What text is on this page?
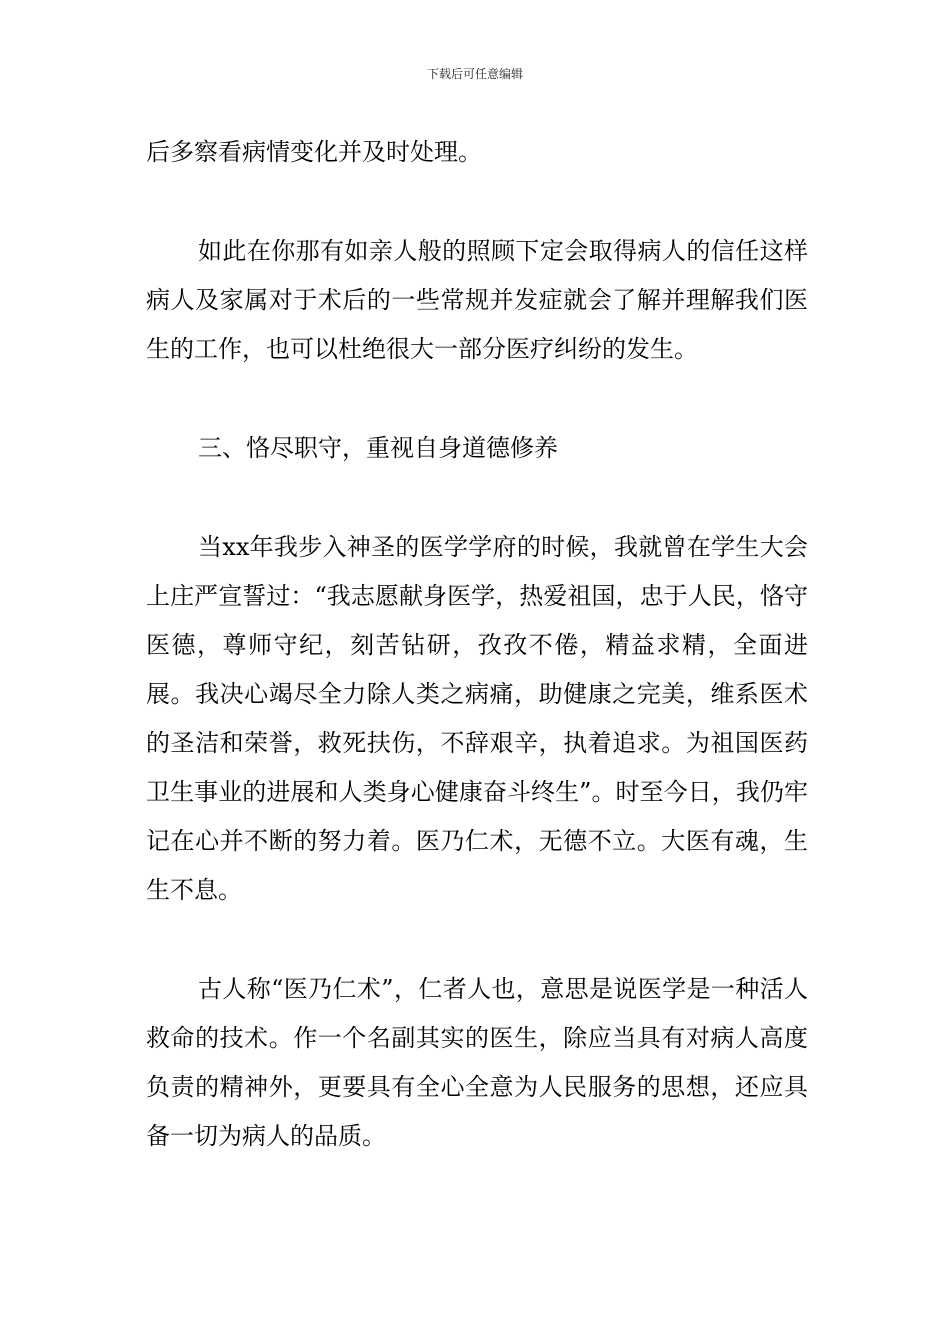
下载后可任意编辑

后多察看病情变化并及时处理。

如此在你那有如亲人般的照顾下定会取得病人的信任这样病人及家属对于术后的一些常规并发症就会了解并理解我们医生的工作，也可以杜绝很大一部分医疗纠纷的发生。

三、恪尽职守，重视自身道德修养

当xx年我步入神圣的医学学府的时候，我就曾在学生大会上庄严宣誓过：“我志愿献身医学，热爱祖国，忠于人民，恪守医德，尊师守纪，刻苦钻研，孜孜不倦，精益求精，全面进展。我决心竭尽全力除人类之病痛，助健康之完美，维系医术的圣洁和荣誉，救死扶伤，不辞艰辛，执着追求。为祖国医药卫生事业的进展和人类身心健康奋斗终生”。时至今日，我仍牢记在心并不断的努力着。医乃仁术，无德不立。大医有魂，生生不息。

古人称“医乃仁术”，仁者人也，意思是说医学是一种活人救命的技术。作一个名副其实的医生，除应当具有对病人高度负责的精神外，更要具有全心全意为人民服务的思想，还应具备一切为病人的品质。
